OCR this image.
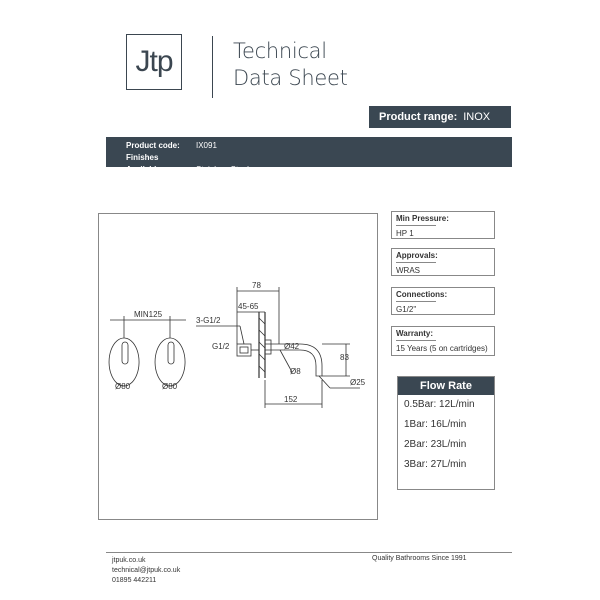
Jtp	Technical
Data Sheet
Product range: INOX
Product code: IX091
Finishes Available:	Stainless Steel
MIN125
3-G1/2
78
45-65
G1/2	Ø42
83
Ø8
Ø25
152
Ø80	Ø80
Min Pressure:
HP 1
Approvals:
WRAS
Connections:
G1/2"
Warranty:
15 Years (5 on cartridges)
Flow Rate
0.5Bar: 12L/min
1Bar: 16L/min
2Bar: 23L/min
3Bar: 27L/min
jtpuk.co.uk
technical@jtpuk.co.uk
01895 442211
Quality Bathrooms Since 1991
